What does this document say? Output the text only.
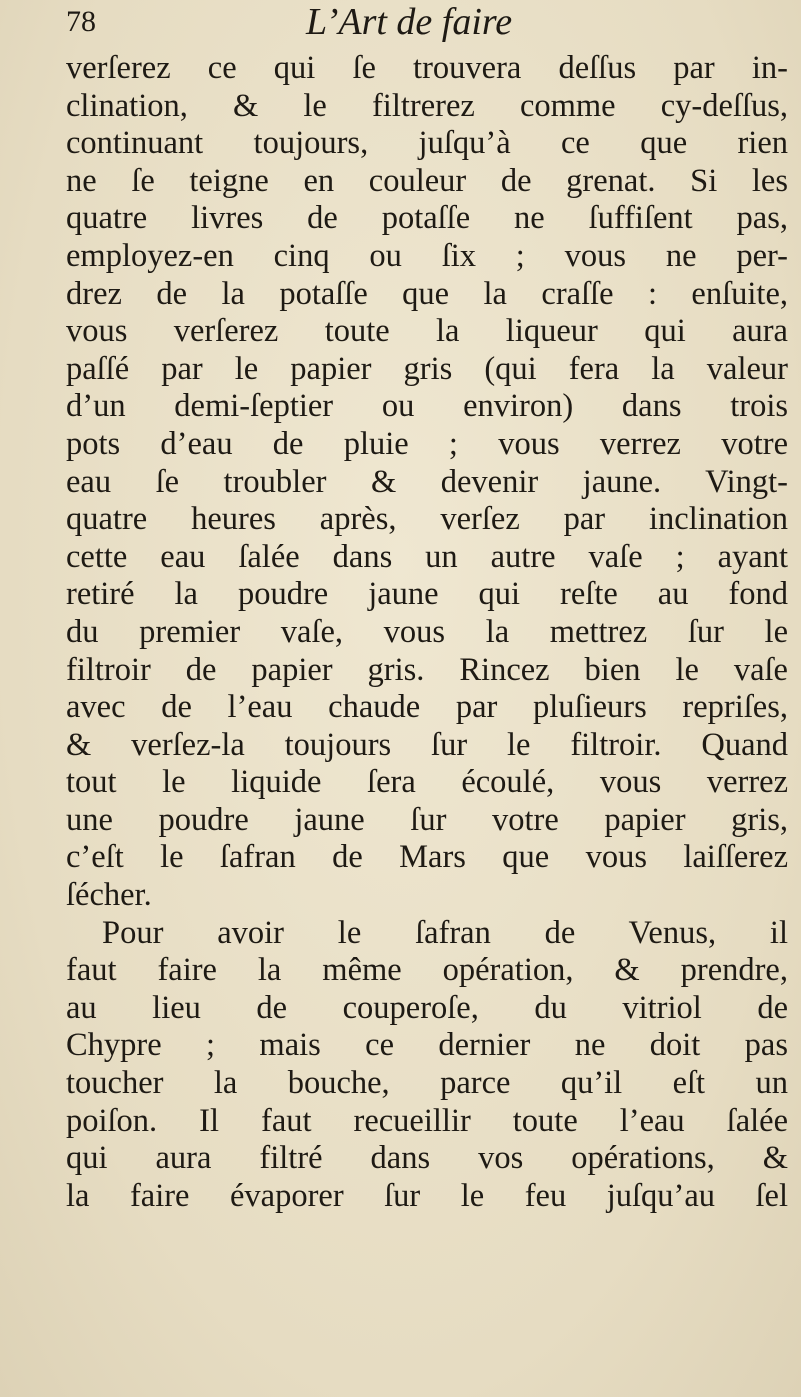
78	L’Art de faire
verſerez ce qui ſe trouvera deſſus par in-
clination, & le filtrerez comme cy-deſſus,
continuant toujours, juſqu’à ce que rien
ne ſe teigne en couleur de grenat. Si les
quatre livres de potaſſe ne ſuffiſent pas,
employez-en cinq ou ſix ; vous ne per-
drez de la potaſſe que la craſſe : enſuite,
vous verſerez toute la liqueur qui aura
paſſé par le papier gris (qui fera la valeur
d’un demi-ſeptier ou environ) dans trois
pots d’eau de pluie ; vous verrez votre
eau ſe troubler & devenir jaune. Vingt-
quatre heures après, verſez par inclination
cette eau ſalée dans un autre vaſe ; ayant
retiré la poudre jaune qui reſte au fond
du premier vaſe, vous la mettrez ſur le
filtroir de papier gris. Rincez bien le vaſe
avec de l’eau chaude par pluſieurs repriſes,
& verſez-la toujours ſur le filtroir. Quand
tout le liquide ſera écoulé, vous verrez
une poudre jaune ſur votre papier gris,
c’eſt le ſafran de Mars que vous laiſſerez
ſécher.
Pour avoir le ſafran de Venus, il
faut faire la même opération, & prendre,
au lieu de couperoſe, du vitriol de
Chypre ; mais ce dernier ne doit pas
toucher la bouche, parce qu’il eſt un
poiſon. Il faut recueillir toute l’eau ſalée
qui aura filtré dans vos opérations, &
la faire évaporer ſur le feu juſqu’au ſel
